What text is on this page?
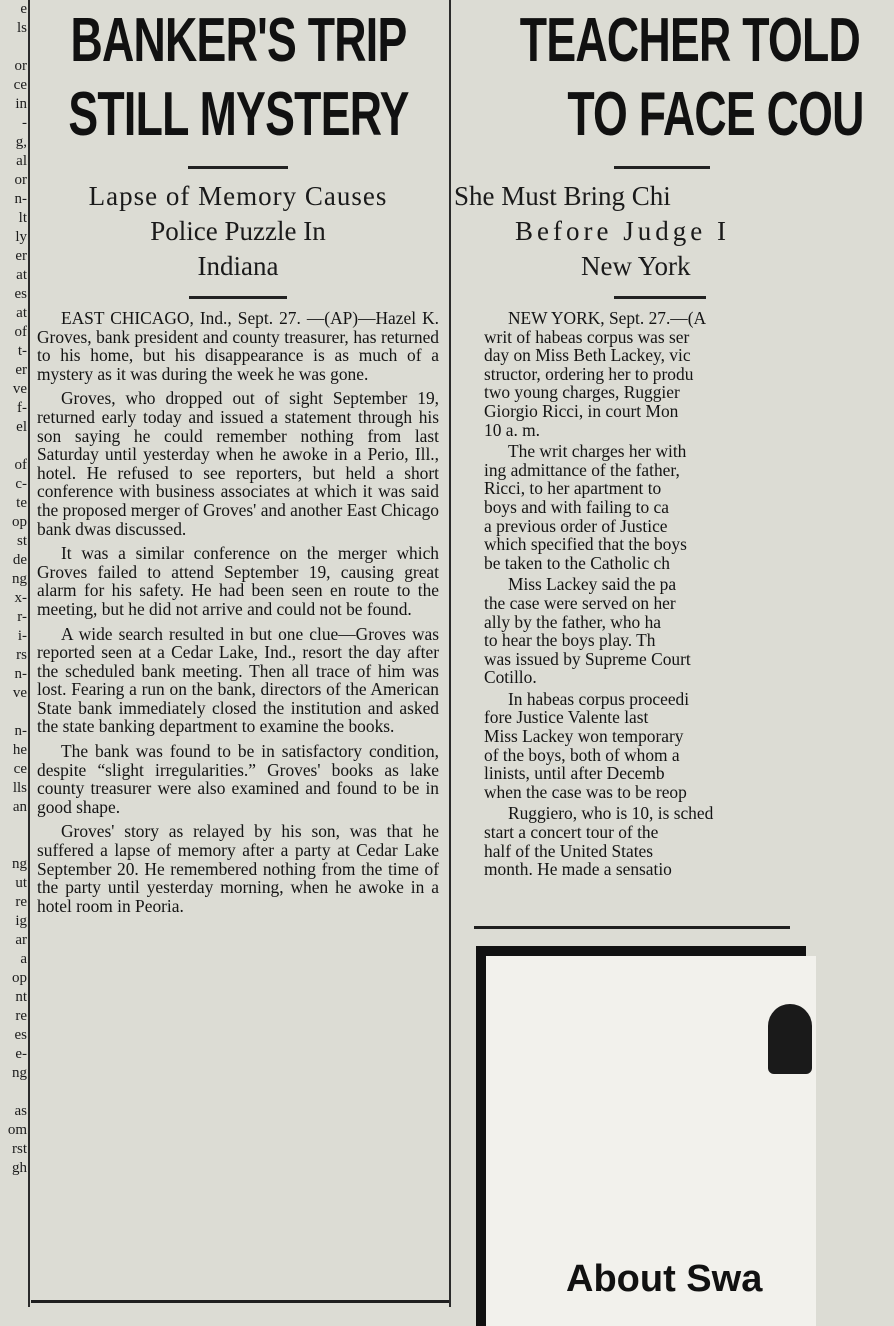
e
ls
or
ce
in
-
g,
al
or
n-
lt
ly
er
at
es
at
of
t-
er
ve
f-
el
of
c-
te
op
st
de
ng
x-
r-
i-
rs
n-
ve
n-
he
ce
lls
an
ng
ut
re
ig
ar
a
op
nt
re
es
e-
ng
as
om
rst
gh
BANKER'S TRIP
STILL MYSTERY
Lapse of Memory Causes
Police Puzzle In
Indiana

EAST CHICAGO, Ind., Sept. 27. —(AP)—Hazel K. Groves, bank president and county treasurer, has returned to his home, but his disappearance is as much of a mystery as it was during the week he was gone.

Groves, who dropped out of sight September 19, returned early today and issued a statement through his son saying he could remember nothing from last Saturday until yesterday when he awoke in a Perio, Ill., hotel. He refused to see reporters, but held a short conference with business associates at which it was said the proposed merger of Groves' and another East Chicago bank dwas discussed.

It was a similar conference on the merger which Groves failed to attend September 19, causing great alarm for his safety. He had been seen en route to the meeting, but he did not arrive and could not be found.

A wide search resulted in but one clue—Groves was reported seen at a Cedar Lake, Ind., resort the day after the scheduled bank meeting. Then all trace of him was lost. Fearing a run on the bank, directors of the American State bank immediately closed the institution and asked the state banking department to examine the books.

The bank was found to be in satisfactory condition, despite “slight irregularities.” Groves' books as lake county treasurer were also examined and found to be in good shape.

Groves' story as relayed by his son, was that he suffered a lapse of memory after a party at Cedar Lake September 20. He remembered nothing from the time of the party until yesterday morning, when he awoke in a hotel room in Peoria.

TEACHER TOLD
TO FACE COU
She Must Bring Chi
Before Judge I
New York

NEW YORK, Sept. 27.—(A
writ of habeas corpus was ser
day on Miss Beth Lackey, vic
structor, ordering her to produ
two young charges, Ruggier
Giorgio Ricci, in court Mon
10 a. m.

The writ charges her with
ing admittance of the father,
Ricci, to her apartment to
boys and with failing to ca
a previous order of Justice
which specified that the boys
be taken to the Catholic ch

Miss Lackey said the pa
the case were served on her
ally by the father, who ha
to hear the boys play. Th
was issued by Supreme Court
Cotillo.

In habeas corpus proceedi
fore Justice Valente last
Miss Lackey won temporary
of the boys, both of whom a
linists, until after Decemb
when the case was to be reop

Ruggiero, who is 10, is sched
start a concert tour of the
half of the United States
month. He made a sensatio

About Swa
